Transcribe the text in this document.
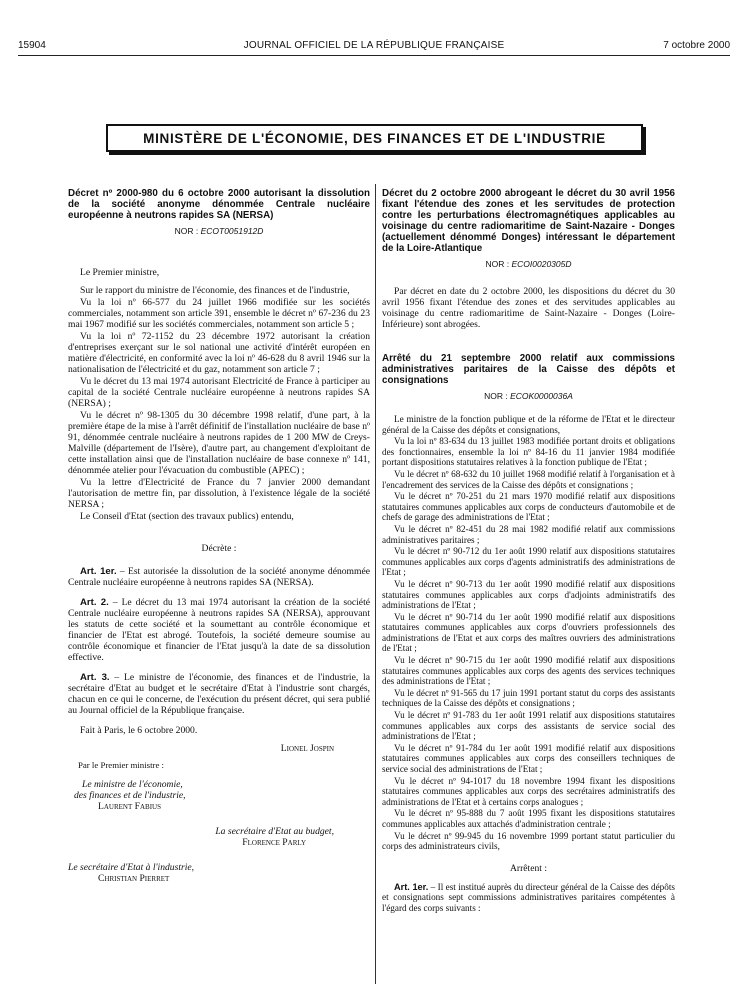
15904	JOURNAL OFFICIEL DE LA RÉPUBLIQUE FRANÇAISE	7 octobre 2000
MINISTÈRE DE L'ÉCONOMIE, DES FINANCES ET DE L'INDUSTRIE
Décret nº 2000-980 du 6 octobre 2000 autorisant la dissolution de la société anonyme dénommée Centrale nucléaire européenne à neutrons rapides SA (NERSA)
NOR : ECOT0051912D

Le Premier ministre,

Sur le rapport du ministre de l'économie, des finances et de l'industrie,

Vu la loi nº 66-577 du 24 juillet 1966 modifiée sur les sociétés commerciales, notamment son article 391, ensemble le décret nº 67-236 du 23 mai 1967 modifié sur les sociétés commerciales, notamment son article 5 ;

Vu la loi nº 72-1152 du 23 décembre 1972 autorisant la création d'entreprises exerçant sur le sol national une activité d'intérêt européen en matière d'électricité, en conformité avec la loi nº 46-628 du 8 avril 1946 sur la nationalisation de l'électricité et du gaz, notamment son article 7 ;

Vu le décret du 13 mai 1974 autorisant Electricité de France à participer au capital de la société Centrale nucléaire européenne à neutrons rapides SA (NERSA) ;

Vu le décret nº 98-1305 du 30 décembre 1998 relatif, d'une part, à la première étape de la mise à l'arrêt définitif de l'installation nucléaire de base nº 91, dénommée centrale nucléaire à neutrons rapides de 1 200 MW de Creys-Malville (département de l'Isère), d'autre part, au changement d'exploitant de cette installation ainsi que de l'installation nucléaire de base connexe nº 141, dénommée atelier pour l'évacuation du combustible (APEC) ;

Vu la lettre d'Electricité de France du 7 janvier 2000 demandant l'autorisation de mettre fin, par dissolution, à l'existence légale de la société NERSA ;

Le Conseil d'Etat (section des travaux publics) entendu,

Décrète :

Art. 1er. – Est autorisée la dissolution de la société anonyme dénommée Centrale nucléaire européenne à neutrons rapides SA (NERSA).

Art. 2. – Le décret du 13 mai 1974 autorisant la création de la société Centrale nucléaire européenne à neutrons rapides SA (NERSA), approuvant les statuts de cette société et la soumettant au contrôle économique et financier de l'Etat est abrogé. Toutefois, la société demeure soumise au contrôle économique et financier de l'Etat jusqu'à la date de sa dissolution effective.

Art. 3. – Le ministre de l'économie, des finances et de l'industrie, la secrétaire d'Etat au budget et le secrétaire d'Etat à l'industrie sont chargés, chacun en ce qui le concerne, de l'exécution du présent décret, qui sera publié au Journal officiel de la République française.

Fait à Paris, le 6 octobre 2000.

Lionel Jospin

Par le Premier ministre :

Le ministre de l'économie,

des finances et de l'industrie,

Laurent Fabius

La secrétaire d'Etat au budget,

Florence Parly

Le secrétaire d'Etat à l'industrie,

Christian Pierret

Décret du 2 octobre 2000 abrogeant le décret du 30 avril 1956 fixant l'étendue des zones et les servitudes de protection contre les perturbations électromagnétiques applicables au voisinage du centre radiomaritime de Saint-Nazaire - Donges (actuellement dénommé Donges) intéressant le département de la Loire-Atlantique
NOR : ECOI0020305D

Par décret en date du 2 octobre 2000, les dispositions du décret du 30 avril 1956 fixant l'étendue des zones et des servitudes applicables au voisinage du centre radiomaritime de Saint-Nazaire - Donges (Loire-Inférieure) sont abrogées.

Arrêté du 21 septembre 2000 relatif aux commissions administratives paritaires de la Caisse des dépôts et consignations
NOR : ECOK0000036A

Le ministre de la fonction publique et de la réforme de l'Etat et le directeur général de la Caisse des dépôts et consignations,

Vu la loi nº 83-634 du 13 juillet 1983 modifiée portant droits et obligations des fonctionnaires, ensemble la loi nº 84-16 du 11 janvier 1984 modifiée portant dispositions statutaires relatives à la fonction publique de l'Etat ;

Vu le décret nº 68-632 du 10 juillet 1968 modifié relatif à l'organisation et à l'encadrement des services de la Caisse des dépôts et consignations ;

Vu le décret nº 70-251 du 21 mars 1970 modifié relatif aux dispositions statutaires communes applicables aux corps de conducteurs d'automobile et de chefs de garage des administrations de l'Etat ;

Vu le décret nº 82-451 du 28 mai 1982 modifié relatif aux commissions administratives paritaires ;

Vu le décret nº 90-712 du 1er août 1990 relatif aux dispositions statutaires communes applicables aux corps d'agents administratifs des administrations de l'Etat ;

Vu le décret nº 90-713 du 1er août 1990 modifié relatif aux dispositions statutaires communes applicables aux corps d'adjoints administratifs des administrations de l'Etat ;

Vu le décret nº 90-714 du 1er août 1990 modifié relatif aux dispositions statutaires communes applicables aux corps d'ouvriers professionnels des administrations de l'Etat et aux corps des maîtres ouvriers des administrations de l'Etat ;

Vu le décret nº 90-715 du 1er août 1990 modifié relatif aux dispositions statutaires communes applicables aux corps des agents des services techniques des administrations de l'Etat ;

Vu le décret nº 91-565 du 17 juin 1991 portant statut du corps des assistants techniques de la Caisse des dépôts et consignations ;

Vu le décret nº 91-783 du 1er août 1991 relatif aux dispositions statutaires communes applicables aux corps des assistants de service social des administrations de l'Etat ;

Vu le décret nº 91-784 du 1er août 1991 modifié relatif aux dispositions statutaires communes applicables aux corps des conseillers techniques de service social des administrations de l'Etat ;

Vu le décret nº 94-1017 du 18 novembre 1994 fixant les dispositions statutaires communes applicables aux corps des secrétaires administratifs des administrations de l'Etat et à certains corps analogues ;

Vu le décret nº 95-888 du 7 août 1995 fixant les dispositions statutaires communes applicables aux attachés d'administration centrale ;

Vu le décret nº 99-945 du 16 novembre 1999 portant statut particulier du corps des administrateurs civils,

Arrêtent :

Art. 1er. – Il est institué auprès du directeur général de la Caisse des dépôts et consignations sept commissions administratives paritaires compétentes à l'égard des corps suivants :
